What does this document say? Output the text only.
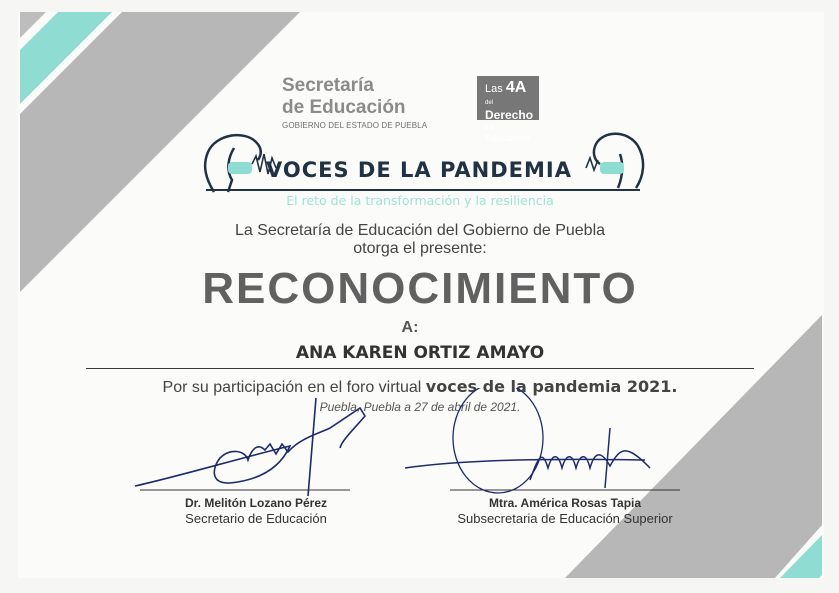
Secretaría
de Educación
GOBIERNO DEL ESTADO DE PUEBLA
Las 4A del
Derecho
a la Educación
VOCES DE LA PANDEMIA
El reto de la transformación y la resiliencia
La Secretaría de Educación del Gobierno de Puebla
otorga el presente:
RECONOCIMIENTO
A:
ANA KAREN ORTIZ AMAYO
Por su participación en el foro virtual voces de la pandemia 2021.
Puebla, Puebla a 27 de abril de 2021.
Dr. Melitón Lozano Pérez
Secretario de Educación
Mtra. América Rosas Tapia
Subsecretaria de Educación Superior
